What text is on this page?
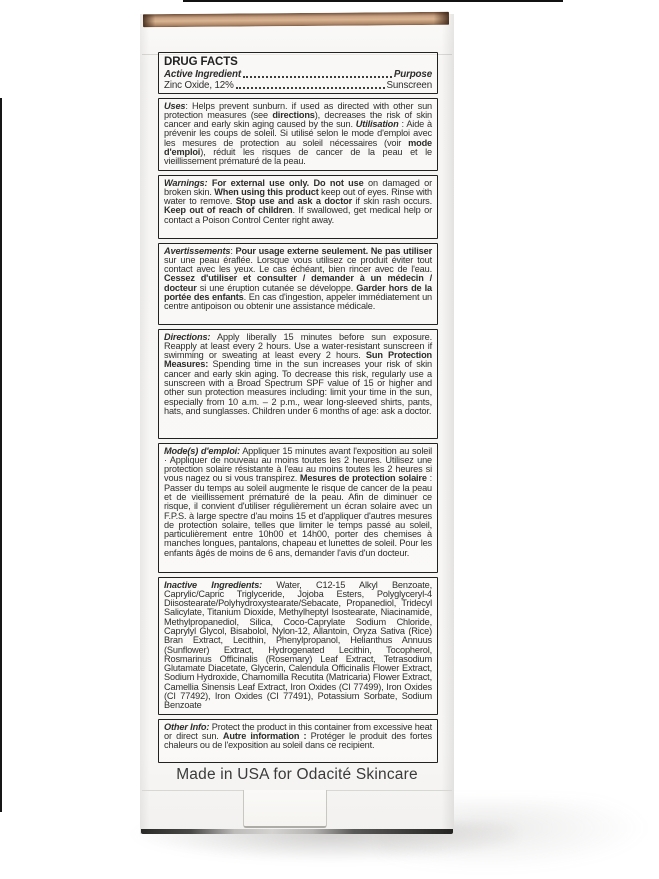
DRUG FACTS
Active Ingredient	Purpose
Zinc Oxide, 12%	Sunscreen
Uses: Helps prevent sunburn. if used as directed with other sun protection measures (see directions), decreases the risk of skin cancer and early skin aging caused by the sun. Utilisation : Aide à prévenir les coups de soleil. Si utilisé selon le mode d'emploi avec les mesures de protection au soleil nécessaires (voir mode d'emploi), réduit les risques de cancer de la peau et le vieillissement prématuré de la peau.
Warnings: For external use only. Do not use on damaged or broken skin. When using this product keep out of eyes. Rinse with water to remove. Stop use and ask a doctor if skin rash occurs. Keep out of reach of children. If swallowed, get medical help or contact a Poison Control Center right away.
Avertissements: Pour usage externe seulement. Ne pas utiliser sur une peau éraflée. Lorsque vous utilisez ce produit éviter tout contact avec les yeux. Le cas échéant, bien rincer avec de l'eau. Cessez d'utiliser et consulter / demander à un médecin / docteur si une éruption cutanée se développe. Garder hors de la portée des enfants. En cas d'ingestion, appeler immédiatement un centre antipoison ou obtenir une assistance médicale.
Directions: Apply liberally 15 minutes before sun exposure. Reapply at least every 2 hours. Use a water-resistant sunscreen if swimming or sweating at least every 2 hours. Sun Protection Measures: Spending time in the sun increases your risk of skin cancer and early skin aging. To decrease this risk, regularly use a sunscreen with a Broad Spectrum SPF value of 15 or higher and other sun protection measures including: limit your time in the sun, especially from 10 a.m. – 2 p.m., wear long-sleeved shirts, pants, hats, and sunglasses. Children under 6 months of age: ask a doctor.
Mode(s) d'emploi: Appliquer 15 minutes avant l'exposition au soleil · Appliquer de nouveau au moins toutes les 2 heures. Utilisez une protection solaire résistante à l'eau au moins toutes les 2 heures si vous nagez ou si vous transpirez. Mesures de protection solaire : Passer du temps au soleil augmente le risque de cancer de la peau et de vieillissement prématuré de la peau. Afin de diminuer ce risque, il convient d'utiliser régulièrement un écran solaire avec un F.P.S. à large spectre d'au moins 15 et d'appliquer d'autres mesures de protection solaire, telles que limiter le temps passé au soleil, particulièrement entre 10h00 et 14h00, porter des chemises à manches longues, pantalons, chapeau et lunettes de soleil. Pour les enfants âgés de moins de 6 ans, demander l'avis d'un docteur.
Inactive Ingredients: Water, C12-15 Alkyl Benzoate, Caprylic/Capric Triglyceride, Jojoba Esters, Polyglyceryl-4 Diisostearate/Polyhydroxystearate/Sebacate, Propanediol, Tridecyl Salicylate, Titanium Dioxide, Methylheptyl Isostearate, Niacinamide, Methylpropanediol, Silica, Coco-Caprylate Sodium Chloride, Caprylyl Glycol, Bisabolol, Nylon-12, Allantoin, Oryza Sativa (Rice) Bran Extract, Lecithin, Phenylpropanol, Helianthus Annuus (Sunflower) Extract, Hydrogenated Lecithin, Tocopherol, Rosmarinus Officinalis (Rosemary) Leaf Extract, Tetrasodium Glutamate Diacetate, Glycerin, Calendula Officinalis Flower Extract, Sodium Hydroxide, Chamomilla Recutita (Matricaria) Flower Extract, Camellia Sinensis Leaf Extract, Iron Oxides (CI 77499), Iron Oxides (CI 77492), Iron Oxides (CI 77491), Potassium Sorbate, Sodium Benzoate
Other Info: Protect the product in this container from excessive heat or direct sun. Autre information : Protéger le produit des fortes chaleurs ou de l'exposition au soleil dans ce recipient.
Made in USA for Odacité Skincare
